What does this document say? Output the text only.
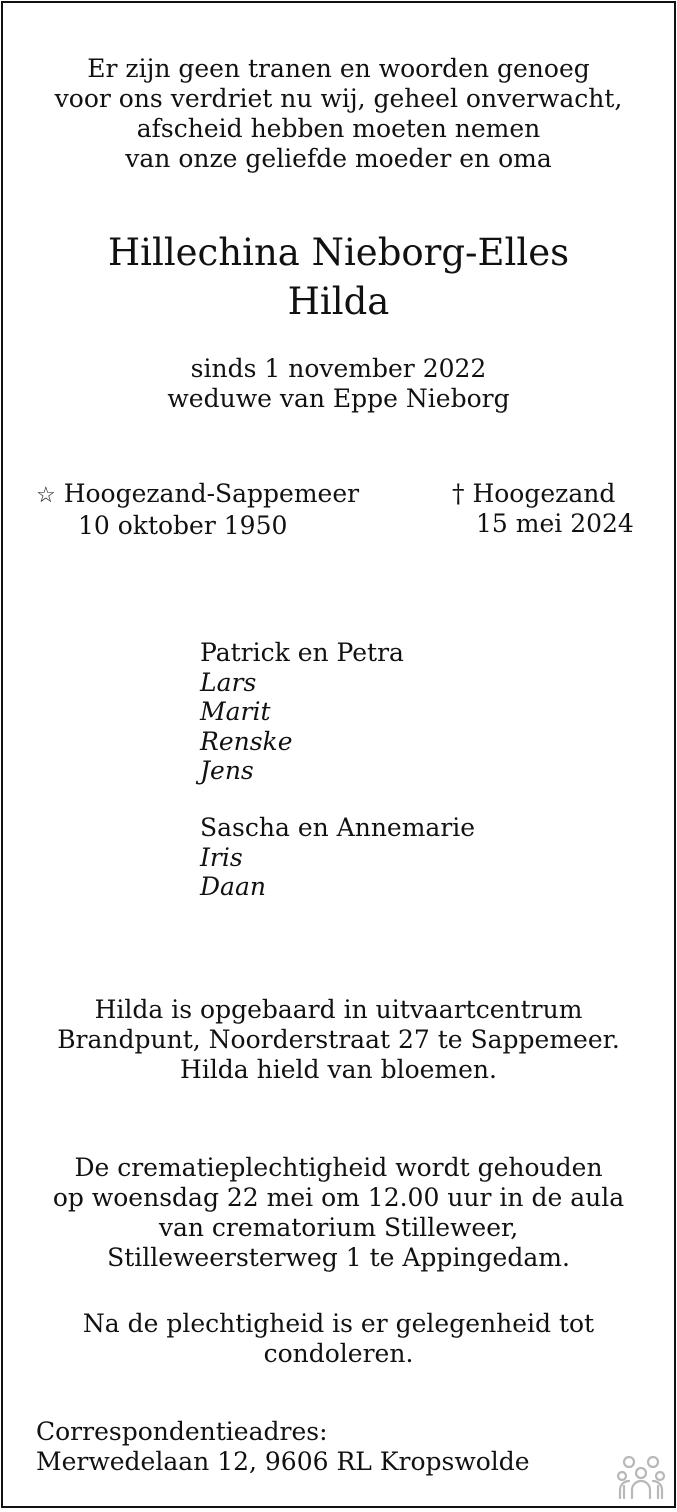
Er zijn geen tranen en woorden genoeg

voor ons verdriet nu wij, geheel onverwacht,

afscheid hebben moeten nemen

van onze geliefde moeder en oma

Hillechina Nieborg-Elles

Hilda

sinds 1 november 2022

weduwe van Eppe Nieborg

☆ Hoogezand-Sappemeer

10 oktober 1950

† Hoogezand

15 mei 2024

Patrick en Petra

Lars

Marit

Renske

Jens

Sascha en Annemarie

Iris

Daan

Hilda is opgebaard in uitvaartcentrum

Brandpunt, Noorderstraat 27 te Sappemeer.

Hilda hield van bloemen.

De crematieplechtigheid wordt gehouden

op woensdag 22 mei om 12.00 uur in de aula

van crematorium Stilleweer,

Stilleweersterweg 1 te Appingedam.

Na de plechtigheid is er gelegenheid tot

condoleren.

Correspondentieadres:

Merwedelaan 12, 9606 RL Kropswolde
